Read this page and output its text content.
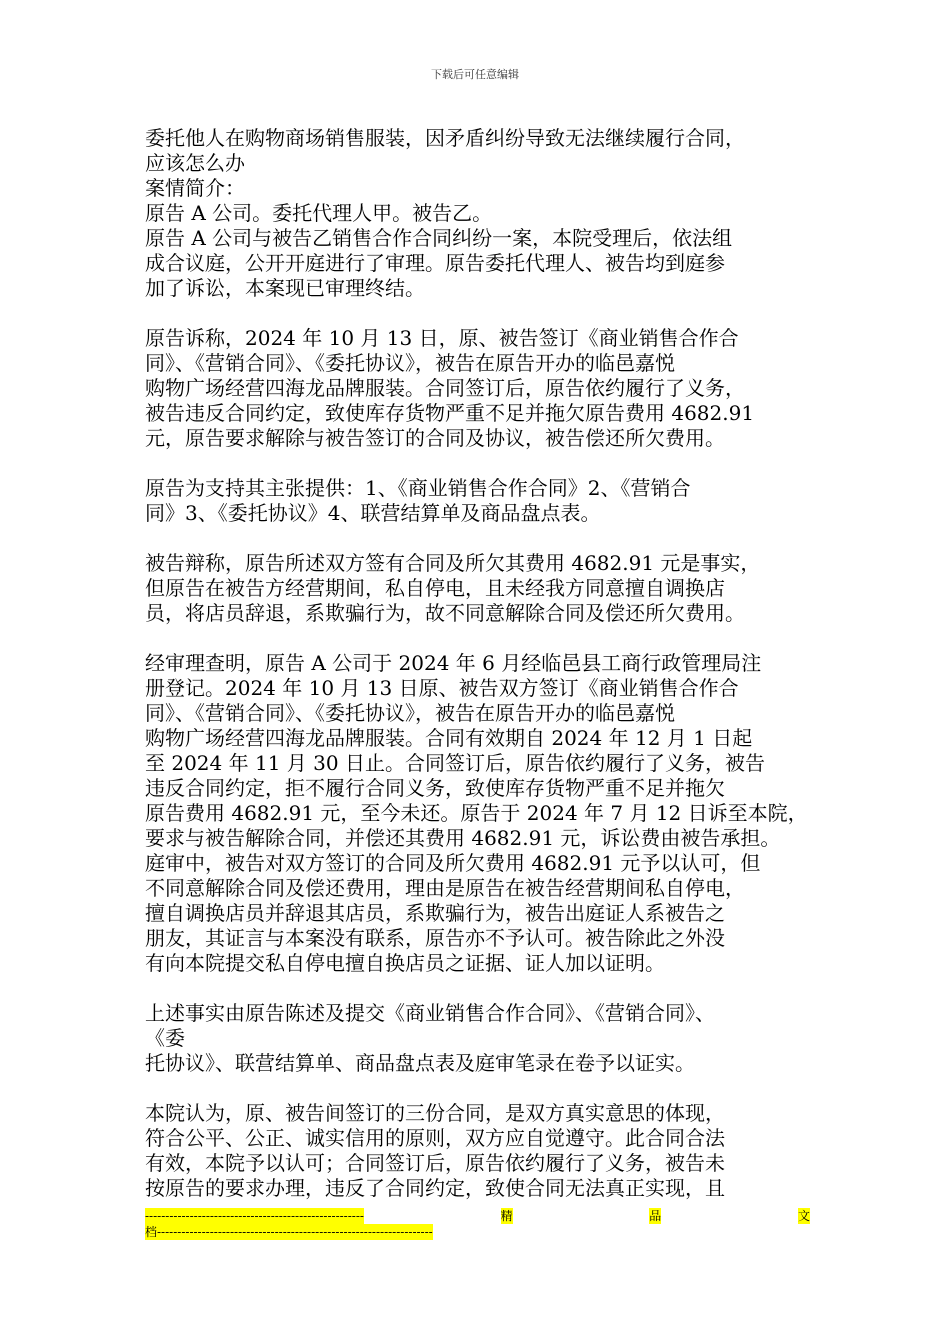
下载后可任意编辑
委托他人在购物商场销售服装，因矛盾纠纷导致无法继续履行合同，
应该怎么办
案情简介：
原告 A 公司。委托代理人甲。被告乙。
原告 A 公司与被告乙销售合作合同纠纷一案，本院受理后，依法组
成合议庭，公开开庭进行了审理。原告委托代理人、被告均到庭参
加了诉讼，本案现已审理终结。
原告诉称，2024 年 10 月 13 日，原、被告签订《商业销售合作合
同》、《营销合同》、《委托协议》，被告在原告开办的临邑嘉悦
购物广场经营四海龙品牌服装。合同签订后，原告依约履行了义务，
被告违反合同约定，致使库存货物严重不足并拖欠原告费用 4682.91
元，原告要求解除与被告签订的合同及协议，被告偿还所欠费用。
原告为支持其主张提供：1、《商业销售合作合同》2、《营销合
同》3、《委托协议》4、联营结算单及商品盘点表。
被告辩称，原告所述双方签有合同及所欠其费用 4682.91 元是事实，
但原告在被告方经营期间，私自停电，且未经我方同意擅自调换店
员，将店员辞退，系欺骗行为，故不同意解除合同及偿还所欠费用。
经审理查明，原告 A 公司于 2024 年 6 月经临邑县工商行政管理局注
册登记。2024 年 10 月 13 日原、被告双方签订《商业销售合作合
同》、《营销合同》、《委托协议》，被告在原告开办的临邑嘉悦
购物广场经营四海龙品牌服装。合同有效期自 2024 年 12 月 1 日起
至 2024 年 11 月 30 日止。合同签订后，原告依约履行了义务，被告
违反合同约定，拒不履行合同义务，致使库存货物严重不足并拖欠
原告费用 4682.91 元，至今未还。原告于 2024 年 7 月 12 日诉至本院，
要求与被告解除合同，并偿还其费用 4682.91 元，诉讼费由被告承担。
庭审中，被告对双方签订的合同及所欠费用 4682.91 元予以认可，但
不同意解除合同及偿还费用，理由是原告在被告经营期间私自停电，
擅自调换店员并辞退其店员，系欺骗行为，被告出庭证人系被告之
朋友，其证言与本案没有联系，原告亦不予认可。被告除此之外没
有向本院提交私自停电擅自换店员之证据、证人加以证明。
上述事实由原告陈述及提交《商业销售合作合同》、《营销合同》、
《委
托协议》、联营结算单、商品盘点表及庭审笔录在卷予以证实。
本院认为，原、被告间签订的三份合同，是双方真实意思的体现，
符合公平、公正、诚实信用的原则，双方应自觉遵守。此合同合法
有效，本院予以认可；合同签订后，原告依约履行了义务，被告未
按原告的要求办理，违反了合同约定，致使合同无法真正实现，且
------------------------------------------------------	精	品	文
档--------------------------------------------------------------------
